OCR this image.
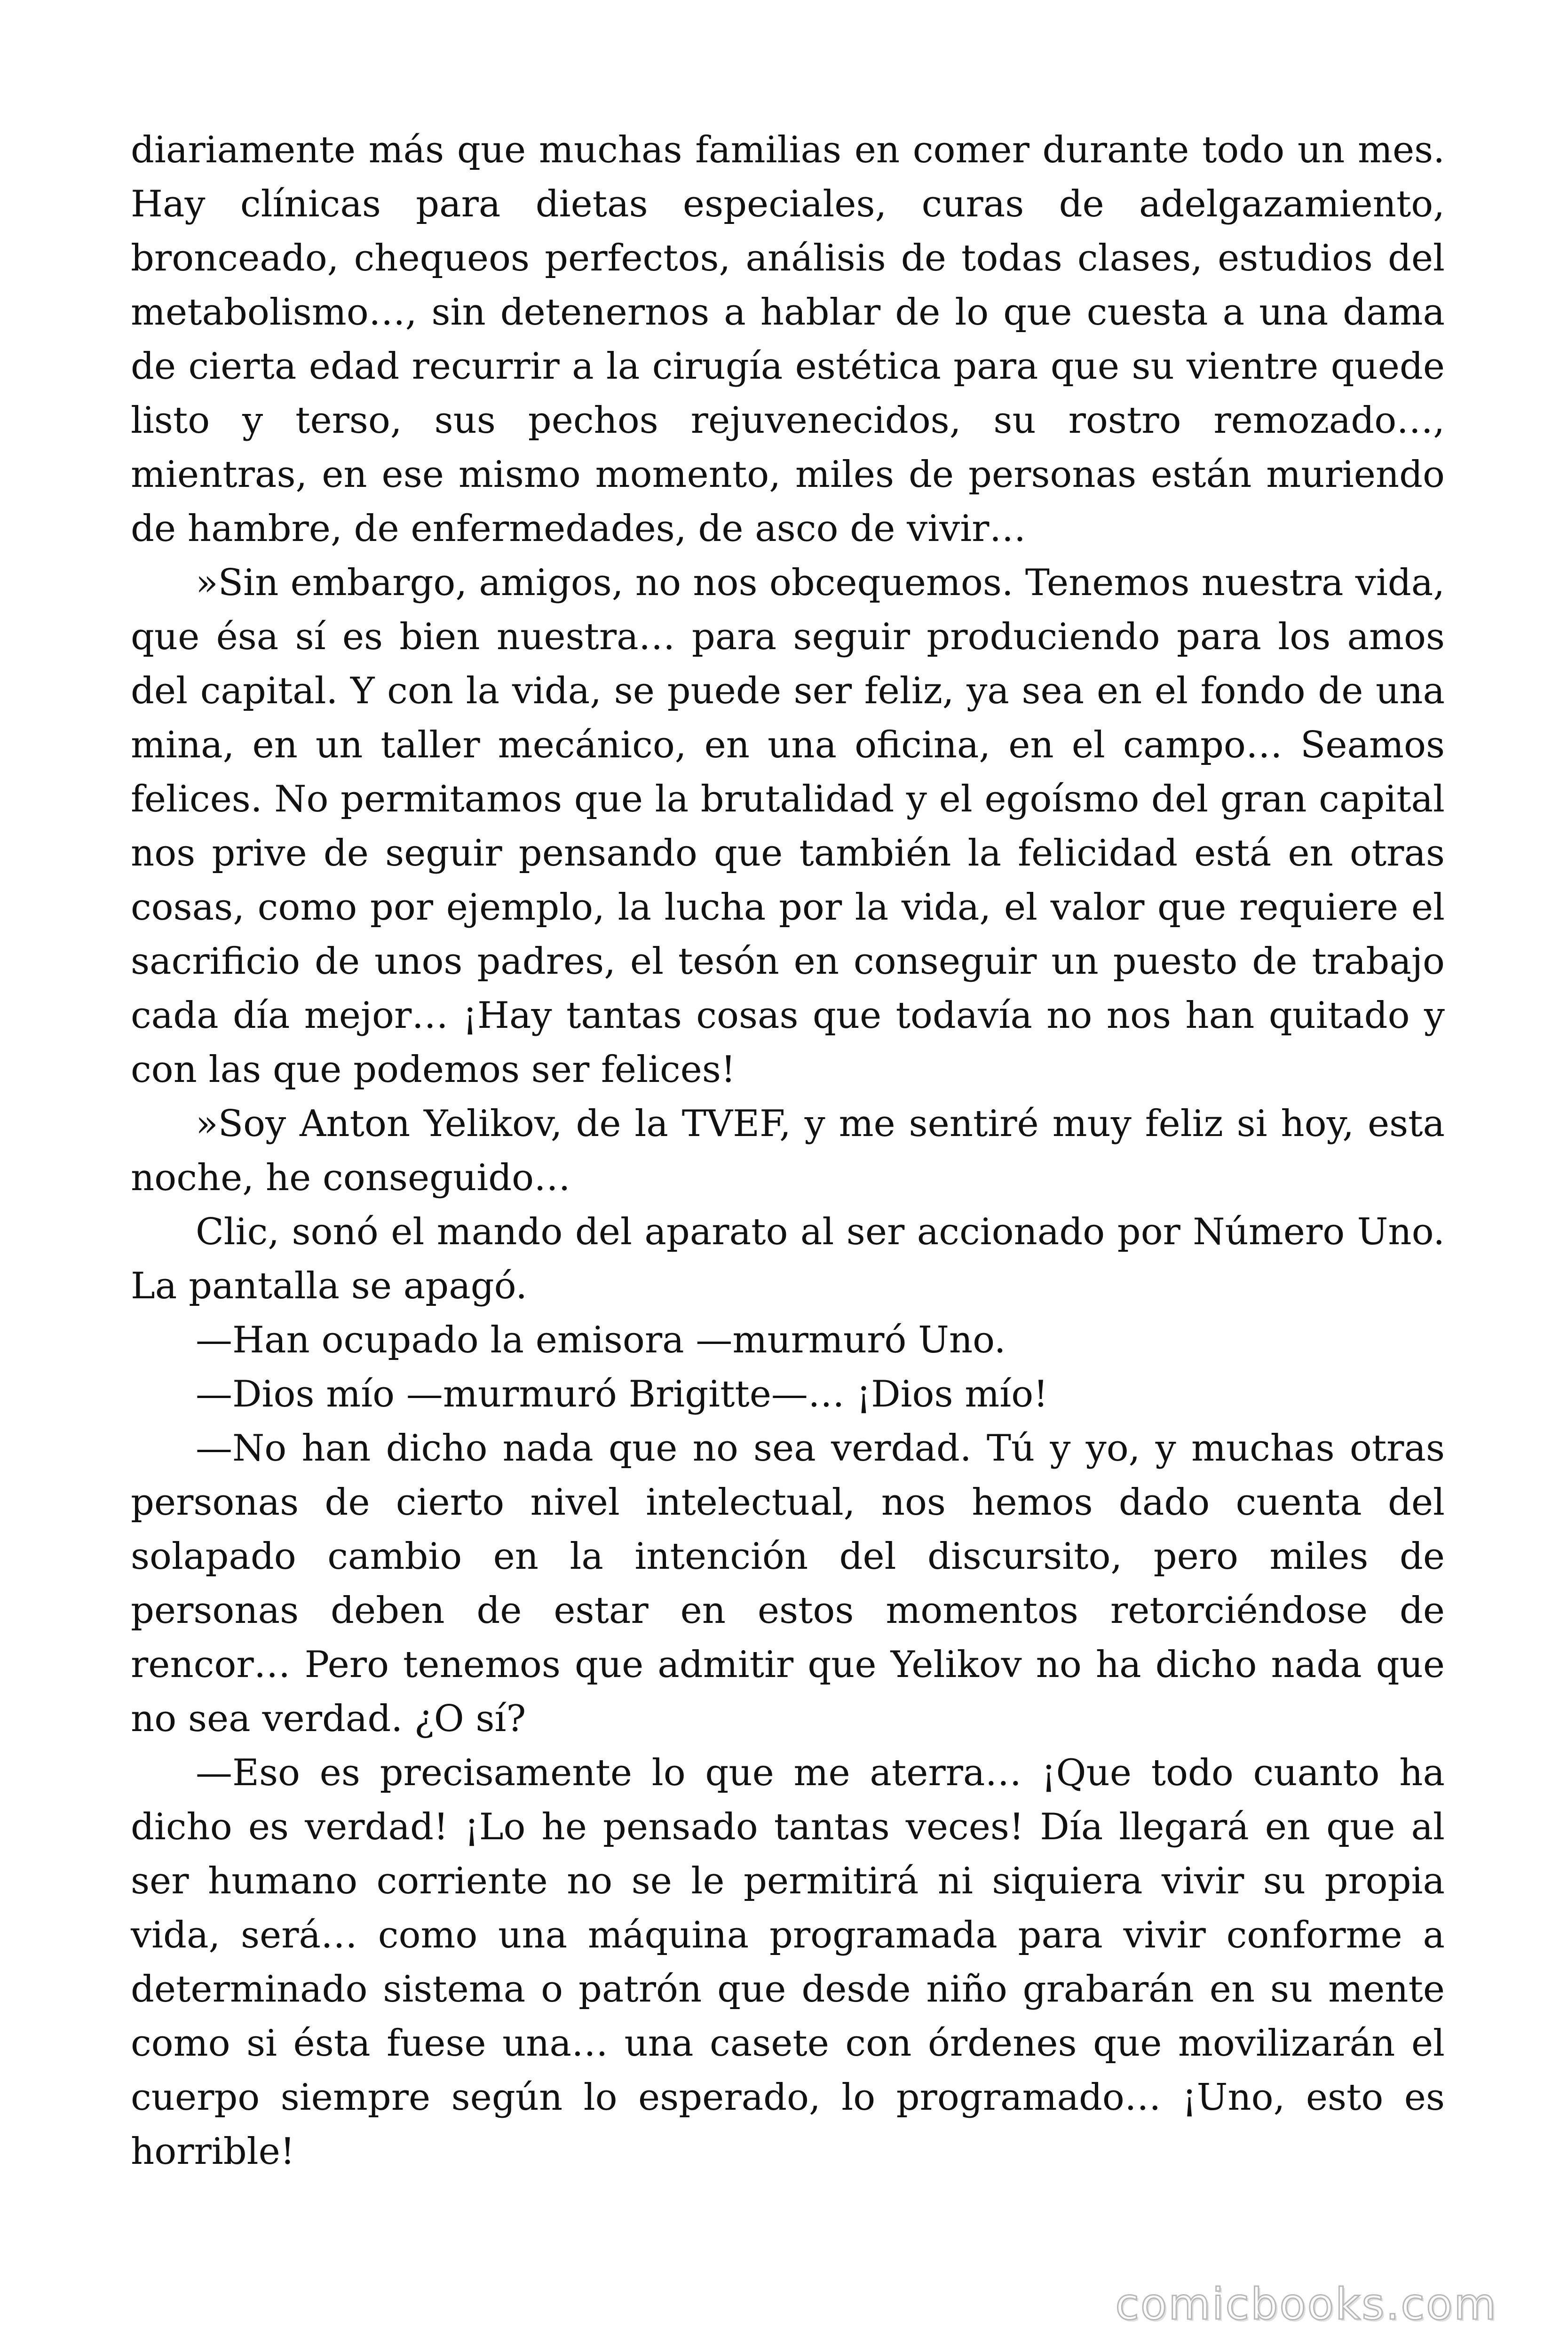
diariamente más que muchas familias en comer durante todo un mes. Hay clínicas para dietas especiales, curas de adelgazamiento, bronceado, chequeos perfectos, análisis de todas clases, estudios del metabolismo…, sin detenernos a hablar de lo que cuesta a una dama de cierta edad recurrir a la cirugía estética para que su vientre quede listo y terso, sus pechos rejuvenecidos, su rostro remozado…, mientras, en ese mismo momento, miles de personas están muriendo de hambre, de enfermedades, de asco de vivir…

»Sin embargo, amigos, no nos obcequemos. Tenemos nuestra vida, que ésa sí es bien nuestra… para seguir produciendo para los amos del capital. Y con la vida, se puede ser feliz, ya sea en el fondo de una mina, en un taller mecánico, en una oficina, en el campo… Seamos felices. No permitamos que la brutalidad y el egoísmo del gran capital nos prive de seguir pensando que también la felicidad está en otras cosas, como por ejemplo, la lucha por la vida, el valor que requiere el sacrificio de unos padres, el tesón en conseguir un puesto de trabajo cada día mejor… ¡Hay tantas cosas que todavía no nos han quitado y con las que podemos ser felices!

»Soy Anton Yelikov, de la TVEF, y me sentiré muy feliz si hoy, esta noche, he conseguido…

Clic, sonó el mando del aparato al ser accionado por Número Uno. La pantalla se apagó.

—Han ocupado la emisora —murmuró Uno.

—Dios mío —murmuró Brigitte—… ¡Dios mío!

—No han dicho nada que no sea verdad. Tú y yo, y muchas otras personas de cierto nivel intelectual, nos hemos dado cuenta del solapado cambio en la intención del discursito, pero miles de personas deben de estar en estos momentos retorciéndose de rencor… Pero tenemos que admitir que Yelikov no ha dicho nada que no sea verdad. ¿O sí?

—Eso es precisamente lo que me aterra… ¡Que todo cuanto ha dicho es verdad! ¡Lo he pensado tantas veces! Día llegará en que al ser humano corriente no se le permitirá ni siquiera vivir su propia vida, será… como una máquina programada para vivir conforme a determinado sistema o patrón que desde niño grabarán en su mente como si ésta fuese una… una casete con órdenes que movilizarán el cuerpo siempre según lo esperado, lo programado… ¡Uno, esto es horrible!

comicbooks.com
